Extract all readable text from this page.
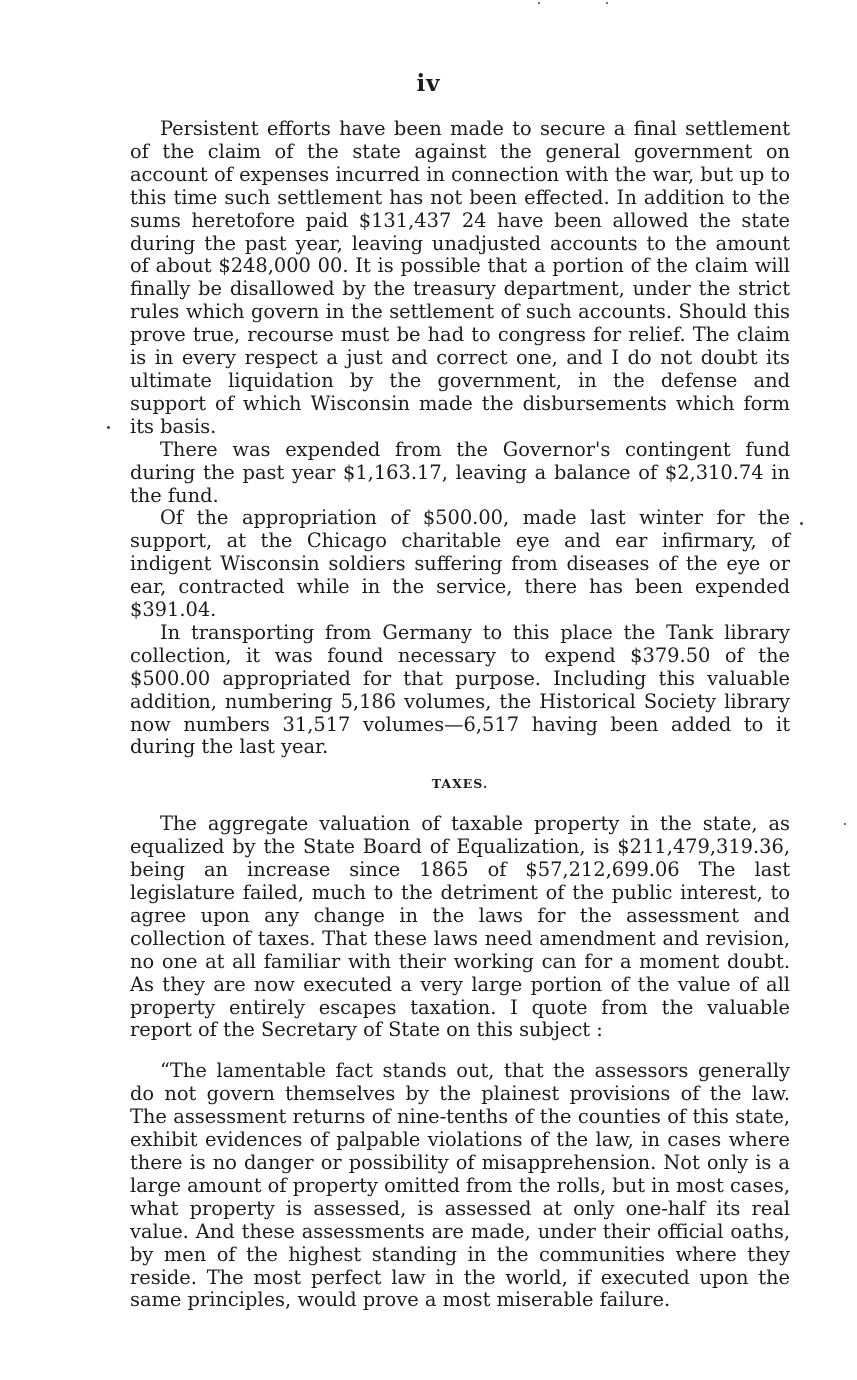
iv

Persistent efforts have been made to secure a final settlement of the claim of the state against the general government on account of expenses incurred in connection with the war, but up to this time such settlement has not been effected. In addition to the sums heretofore paid $131,437 24 have been allowed the state during the past year, leaving unadjusted accounts to the amount of about $248,000 00. It is possible that a portion of the claim will finally be disallowed by the treasury department, under the strict rules which govern in the settlement of such accounts. Should this prove true, recourse must be had to congress for relief. The claim is in every respect a just and correct one, and I do not doubt its ultimate liquidation by the government, in the defense and support of which Wisconsin made the disbursements which form its basis.

There was expended from the Governor's contingent fund during the past year $1,163.17, leaving a balance of $2,310.74 in the fund.

Of the appropriation of $500.00, made last winter for the support, at the Chicago charitable eye and ear infirmary, of indigent Wisconsin soldiers suffering from diseases of the eye or ear, contracted while in the service, there has been expended $391.04.

In transporting from Germany to this place the Tank library collection, it was found necessary to expend $379.50 of the $500.00 appropriated for that purpose. Including this valuable addition, numbering 5,186 volumes, the Historical Society library now numbers 31,517 volumes—6,517 having been added to it during the last year.

TAXES.

The aggregate valuation of taxable property in the state, as equalized by the State Board of Equalization, is $211,479,319.36, being an increase since 1865 of $57,212,699.06 The last legislature failed, much to the detriment of the public interest, to agree upon any change in the laws for the assessment and collection of taxes. That these laws need amendment and revision, no one at all familiar with their working can for a moment doubt. As they are now executed a very large portion of the value of all property entirely escapes taxation. I quote from the valuable report of the Secretary of State on this subject :

“The lamentable fact stands out, that the assessors generally do not govern themselves by the plainest provisions of the law. The assessment returns of nine-tenths of the counties of this state, exhibit evidences of palpable violations of the law, in cases where there is no danger or possibility of misapprehension. Not only is a large amount of property omitted from the rolls, but in most cases, what property is assessed, is assessed at only one-half its real value. And these assessments are made, under their official oaths, by men of the highest standing in the communities where they reside. The most perfect law in the world, if executed upon the same principles, would prove a most miserable failure.
